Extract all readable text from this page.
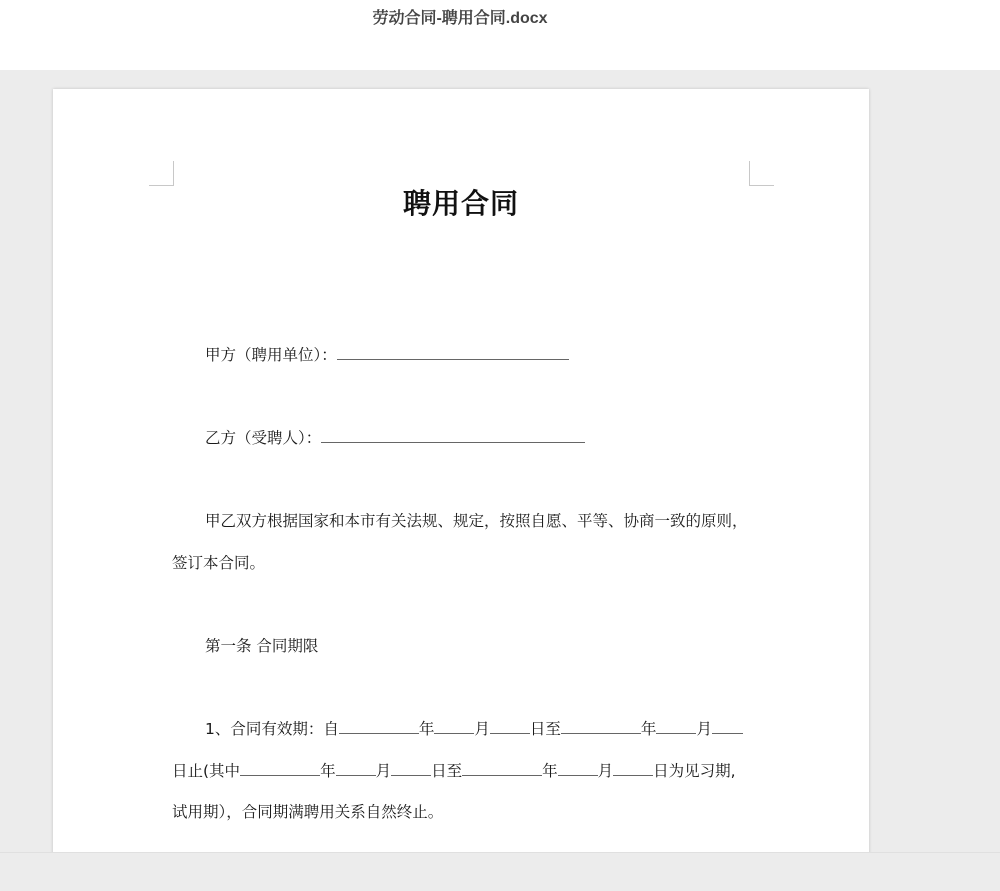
劳动合同-聘用合同.docx
聘用合同
甲方（聘用单位）：
乙方（受聘人）：
甲乙双方根据国家和本市有关法规、规定，按照自愿、平等、协商一致的原则，
签订本合同。
第一条 合同期限
1、合同有效期：自	年	月	日至	年	月
日止(其中	年	月	日至	年	月	日为见习期,
试用期），合同期满聘用关系自然终止。
